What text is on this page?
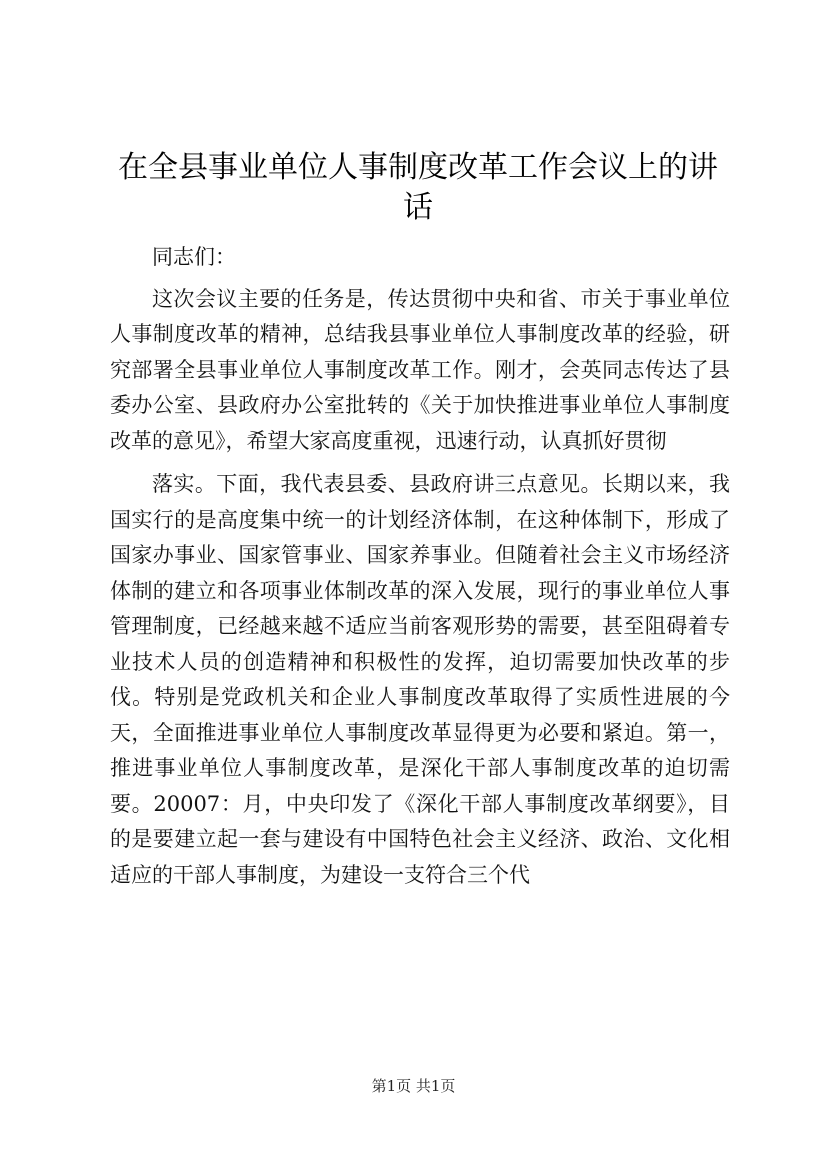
在全县事业单位人事制度改革工作会议上的讲话

同志们：

这次会议主要的任务是，传达贯彻中央和省、市关于事业单位人事制度改革的精神，总结我县事业单位人事制度改革的经验，研究部署全县事业单位人事制度改革工作。刚才，会英同志传达了县委办公室、县政府办公室批转的《关于加快推进事业单位人事制度改革的意见》，希望大家高度重视，迅速行动，认真抓好贯彻

落实。下面，我代表县委、县政府讲三点意见。长期以来，我国实行的是高度集中统一的计划经济体制，在这种体制下，形成了国家办事业、国家管事业、国家养事业。但随着社会主义市场经济体制的建立和各项事业体制改革的深入发展，现行的事业单位人事管理制度，已经越来越不适应当前客观形势的需要，甚至阻碍着专业技术人员的创造精神和积极性的发挥，迫切需要加快改革的步伐。特别是党政机关和企业人事制度改革取得了实质性进展的今天，全面推进事业单位人事制度改革显得更为必要和紧迫。第一，推进事业单位人事制度改革，是深化干部人事制度改革的迫切需要。20007：月，中央印发了《深化干部人事制度改革纲要》，目的是要建立起一套与建设有中国特色社会主义经济、政治、文化相适应的干部人事制度，为建设一支符合三个代

第1页 共1页
